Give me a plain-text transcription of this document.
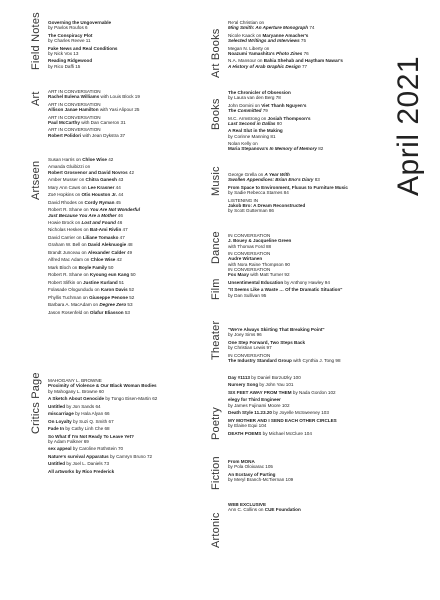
Field Notes Governing the Ungovernable
by Pavlos Roufos 6
The Conspiracy Plot
by Charles Reeve 11
Fake News and Real Conditions
by Nick Vox 13
Reading Ridgewood
by Rico Daffi 15
Art ART IN CONVERSATION
Rachel Eulena Williams with Louis Block 19
ART IN CONVERSATION
Allison Janae Hamilton with Yasi Alipour 25
ART IN CONVERSATION
Paul McCarthy with Dan Cameron 31
ART IN CONVERSATION
Robert Polidori with Jean Dykstra 37
Artseen
Susan Harris on Chloe Wise 42
Amanda Gluibizzi on
Robert Grosvenor and David Novros 42
Amber Musser on Chitra Ganesh 43
Mary Ann Caws on Lee Krasner 44
Zoë Hopkins on Otis Houston Jr. 44
David Rhodes on Cordy Ryman 45
Robert R. Shane on You Are Not Wonderful
Just Because You Are a Mother 46
Howie Brock on Lost and Found 46
Nicholas Heskes on Bat-Ami Rivlin 47
David Carrier on Liliane Tomasko 47
Graham W. Bell on David Aleknuogie 48
Brandt Junceau on Alexander Calder 49
Alfred Mac Adam on Chloe Wise 42
Mark Bloch on Boyle Family 50
Robert R. Shane on Kyoung eun Kang 50
Robert Slifkin on Justine Kurland 51
Folasade Ologundudu on Karon Davis 52
Phyllis Tuchman on Giuseppe Penone 52
Barbara A. MacAdam on Degree Zero 53
Jason Rosenfeld on Olafur Eliasson 53
Critics Page MAHOGANY L. BROWNE
Proximity of Violence & Our Black Woman Bodies
by Mahogany L. Browne 60
A Sketch About Genocide by Tongo Eisen-Martin 62
Untitled by Jon Sands 64
miscarriage by Hala Alyan 66
On Loyalty by Suzi Q. Smith 67
Fade In by Cathy Linh Che 68
So What If I'm Not Ready To Leave Yet?
by Adam Falkner 69
sex appeal by Caroline Rothstein 70
Nature's survival Apparatus by Camryn Bruno 72
Untitled by Joel L. Daniels 73
All artworks by Rico Frederick
Art Books
Re'al Christian on
Ming Smith: An Aperture Monograph 74
Nicole Kaack on Maryanne Amacher's
Selected Writings and Interviews 75
Megan N. Liberty on
Noazumi Yamashita's Photo Zines 76
N.A. Mansour on Bahia Shehab and Haytham Nawar's
A History of Arab Graphic Design 77
Books
The Chronicler of Obsession
by Laura van den Berg 78
John Domini on Viet Thanh Nguyen's
The Committed 79
M.C. Armstrong on Josiah Thompson's
Last Second in Dallas 80
A Real Slut in the Making
by Corinne Manning 81
Nolan Kelly on
Maria Stepanova's In Memory of Memory 82
Music George Grella on A Year With
Swollen Appendices: Brian Eno's Diary 83
From Space to Environment, Fluxus to Furniture Music
by Sadie Rebecca Starnes 84
LISTENING IN
Jakob Bro: A Dream Reconstructed
by Scott Gutterman 86
Dance IN CONVERSATION
J. Bouey & Jacqueline Green
with Thomas Ford 88
IN CONVERSATION
Audre Wirtanen
with Nora Raine Thompson 90
Film
IN CONVERSATION
Fox Maxy with Matt Turner 92
Unsentimental Education by Anthony Hawley 94
"It Seems Like a Waste … Of the Dramatic Situation"
by Dan Sullivan 95
Theater "We're Always Skirting That Breaking Point"
by Joey Sims 96
One Step Forward, Two Steps Back
by Christian Lewis 97
IN CONVERSATION
The Industry Standard Group with Cynthia J. Tong 98
Poetry
Day #1113 by Daniel Borzutzky 100
Nursery Song by John Yau 101
SIX FEET AWAY FROM THEM by Nada Gordon 102
elegy for Third Engineer
by James Fujinami Moore 102
Death Style 11.23.20 by Joyelle McSweeney 103
MY MOTHER AND I SEND EACH OTHER CIRCLES
by Elaine Equi 104
DEATH POEMS by Michael McClure 104
Fiction From MONA
by Pola Oloixarac 105
An Ecstasy of Parting
by Meryl Branch-McTiernan 109
Artonic
WEB EXCLUSIVE
Ann C. Collins on CUE Foundation
April 2021
